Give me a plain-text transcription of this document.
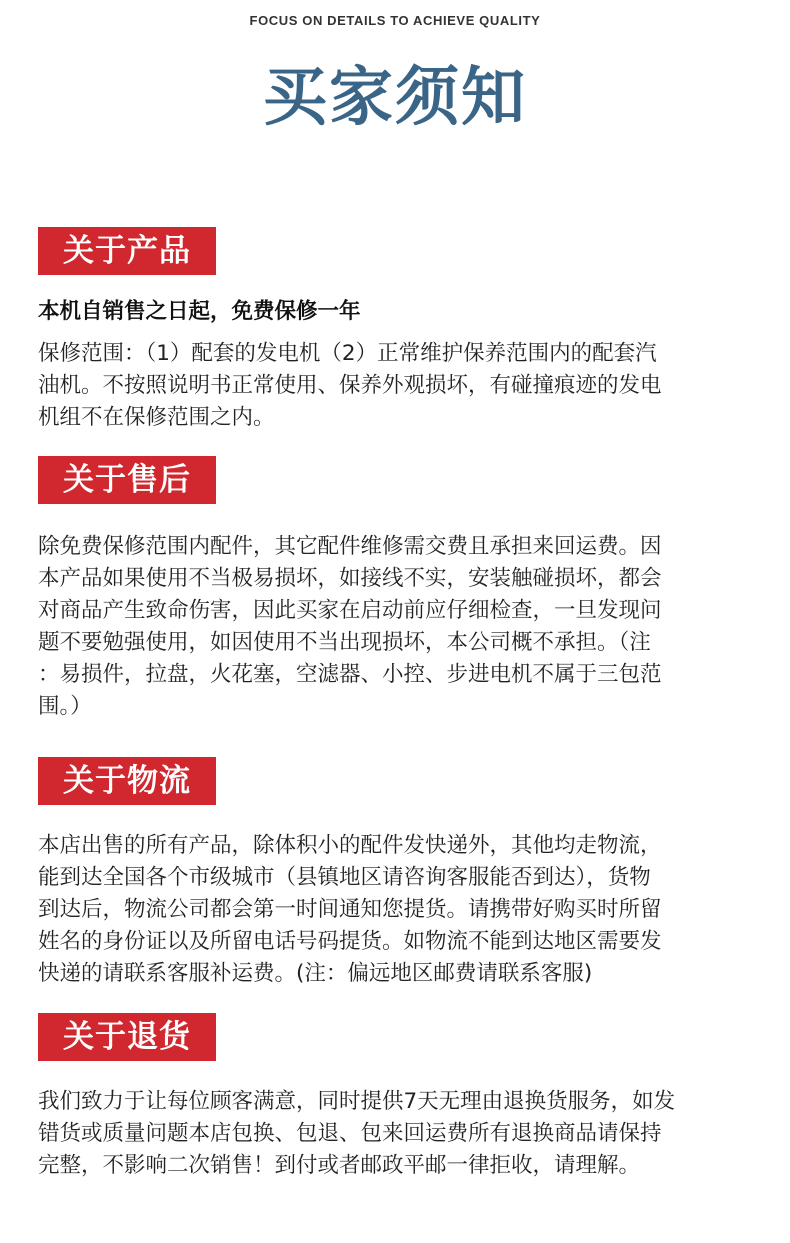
FOCUS ON DETAILS TO ACHIEVE QUALITY
买家须知
关于产品
本机自销售之日起，免费保修一年
保修范围：（1）配套的发电机（2）正常维护保养范围内的配套汽
油机。不按照说明书正常使用、保养外观损坏，有碰撞痕迹的发电
机组不在保修范围之内。
关于售后
除免费保修范围内配件，其它配件维修需交费且承担来回运费。因
本产品如果使用不当极易损坏，如接线不实，安装触碰损坏，都会
对商品产生致命伤害，因此买家在启动前应仔细检查，一旦发现问
题不要勉强使用，如因使用不当出现损坏，本公司概不承担。（注
：易损件，拉盘，火花塞，空滤器、小控、步进电机不属于三包范
围。）
关于物流
本店出售的所有产品，除体积小的配件发快递外，其他均走物流，
能到达全国各个市级城市（县镇地区请咨询客服能否到达），货物
到达后，物流公司都会第一时间通知您提货。请携带好购买时所留
姓名的身份证以及所留电话号码提货。如物流不能到达地区需要发
快递的请联系客服补运费。(注：偏远地区邮费请联系客服)
关于退货
我们致力于让每位顾客满意，同时提供7天无理由退换货服务，如发
错货或质量问题本店包换、包退、包来回运费所有退换商品请保持
完整，不影响二次销售！到付或者邮政平邮一律拒收，请理解。
